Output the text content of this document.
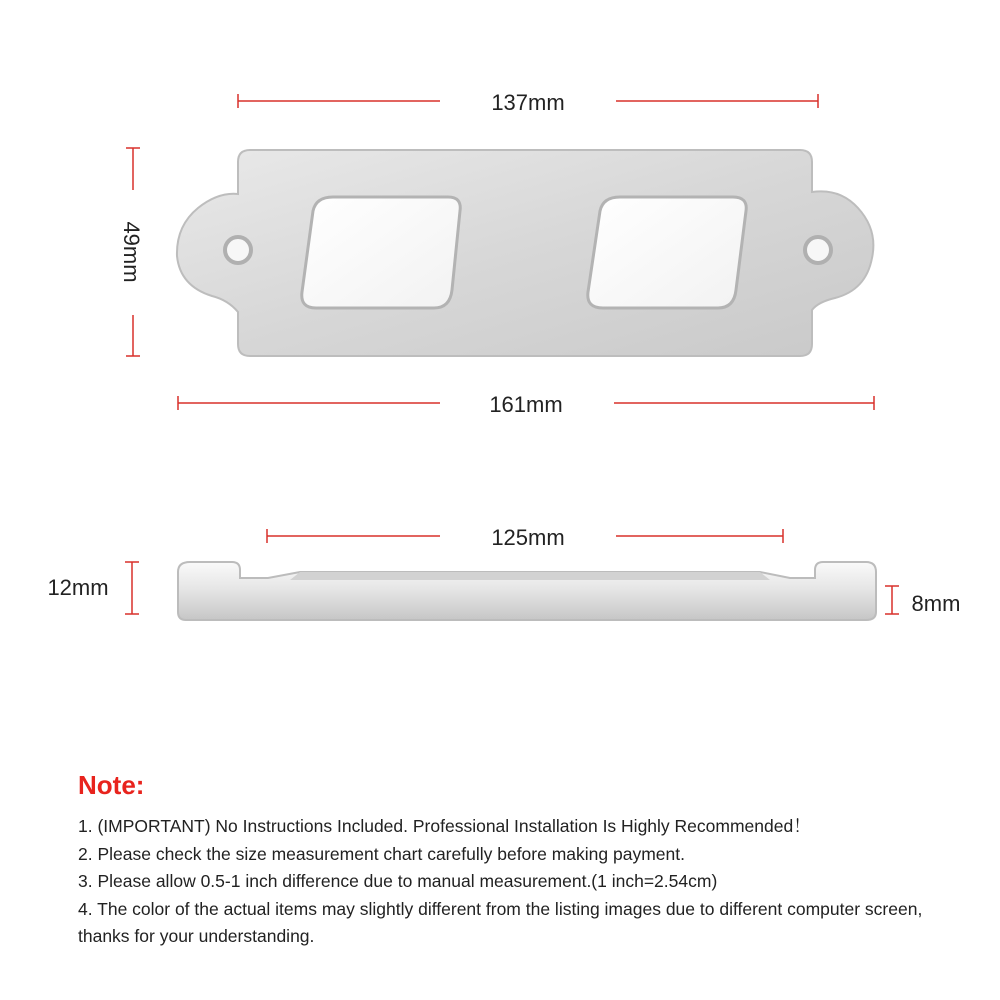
137mm
49mm
161mm
125mm
12mm
8mm

Note:

1. (IMPORTANT) No Instructions Included. Professional Installation Is Highly Recommended！

2. Please check the size measurement chart carefully before making payment.

3. Please allow 0.5-1 inch difference due to manual measurement.(1 inch=2.54cm)

4. The color of the actual items may slightly different from the listing images due to different computer screen, thanks for your understanding.
